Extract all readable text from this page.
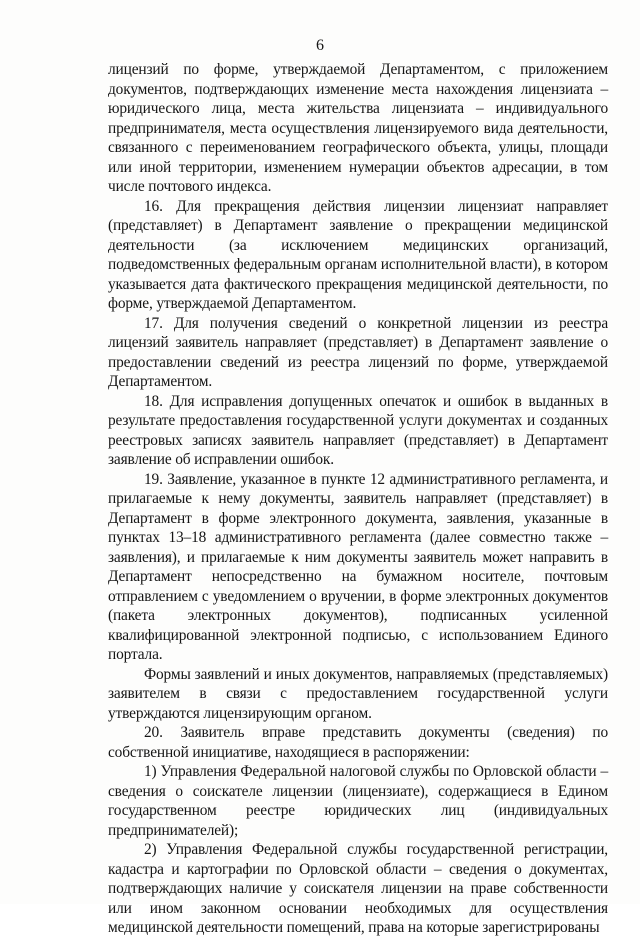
6

лицензий по форме, утверждаемой Департаментом, с приложением документов, подтверждающих изменение места нахождения лицензиата – юридического лица, места жительства лицензиата – индивидуального предпринимателя, места осуществления лицензируемого вида деятельности, связанного с переименованием географического объекта, улицы, площади или иной территории, изменением нумерации объектов адресации, в том числе почтового индекса.

16. Для прекращения действия лицензии лицензиат направляет (представляет) в Департамент заявление о прекращении медицинской деятельности (за исключением медицинских организаций, подведомственных федеральным органам исполнительной власти), в котором указывается дата фактического прекращения медицинской деятельности, по форме, утверждаемой Департаментом.

17. Для получения сведений о конкретной лицензии из реестра лицензий заявитель направляет (представляет) в Департамент заявление о предоставлении сведений из реестра лицензий по форме, утверждаемой Департаментом.

18. Для исправления допущенных опечаток и ошибок в выданных в результате предоставления государственной услуги документах и созданных реестровых записях заявитель направляет (представляет) в Департамент заявление об исправлении ошибок.

19. Заявление, указанное в пункте 12 административного регламента, и прилагаемые к нему документы, заявитель направляет (представляет) в Департамент в форме электронного документа, заявления, указанные в пунктах 13–18 административного регламента (далее совместно также – заявления), и прилагаемые к ним документы заявитель может направить в Департамент непосредственно на бумажном носителе, почтовым отправлением с уведомлением о вручении, в форме электронных документов (пакета электронных документов), подписанных усиленной квалифицированной электронной подписью, с использованием Единого портала.

Формы заявлений и иных документов, направляемых (представляемых) заявителем в связи с предоставлением государственной услуги утверждаются лицензирующим органом.

20. Заявитель вправе представить документы (сведения) по собственной инициативе, находящиеся в распоряжении:

1) Управления Федеральной налоговой службы по Орловской области – сведения о соискателе лицензии (лицензиате), содержащиеся в Едином государственном реестре юридических лиц (индивидуальных предпринимателей);

2) Управления Федеральной службы государственной регистрации, кадастра и картографии по Орловской области – сведения о документах, подтверждающих наличие у соискателя лицензии на праве собственности или ином законном основании необходимых для осуществления медицинской деятельности помещений, права на которые зарегистрированы
